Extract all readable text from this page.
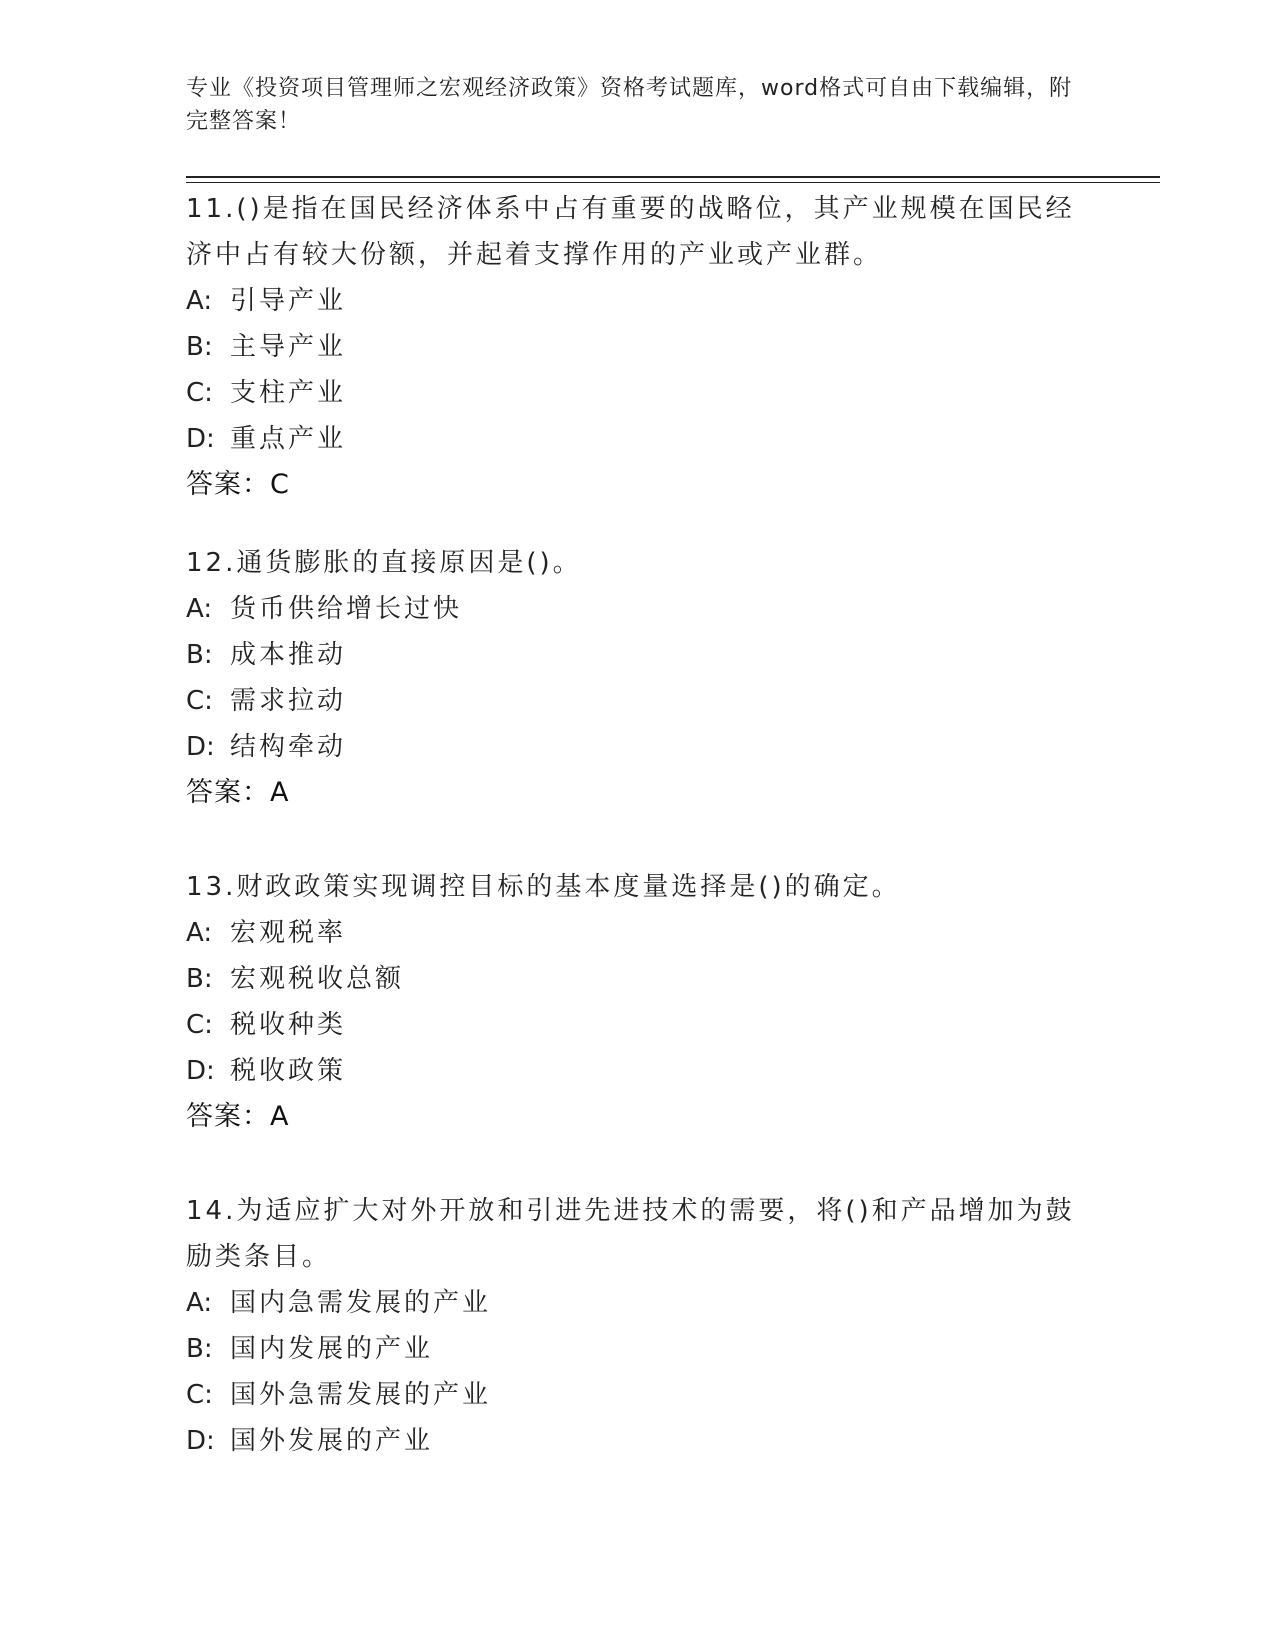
专业《投资项目管理师之宏观经济政策》资格考试题库，word格式可自由下载编辑，附完整答案！

11.()是指在国民经济体系中占有重要的战略位，其产业规模在国民经济中占有较大份额，并起着支撑作用的产业或产业群。

A: 引导产业

B: 主导产业

C: 支柱产业

D: 重点产业

答案：C

12.通货膨胀的直接原因是()。

A: 货币供给增长过快

B: 成本推动

C: 需求拉动

D: 结构牵动

答案：A

13.财政政策实现调控目标的基本度量选择是()的确定。

A: 宏观税率

B: 宏观税收总额

C: 税收种类

D: 税收政策

答案：A

14.为适应扩大对外开放和引进先进技术的需要，将()和产品增加为鼓励类条目。

A: 国内急需发展的产业

B: 国内发展的产业

C: 国外急需发展的产业

D: 国外发展的产业
